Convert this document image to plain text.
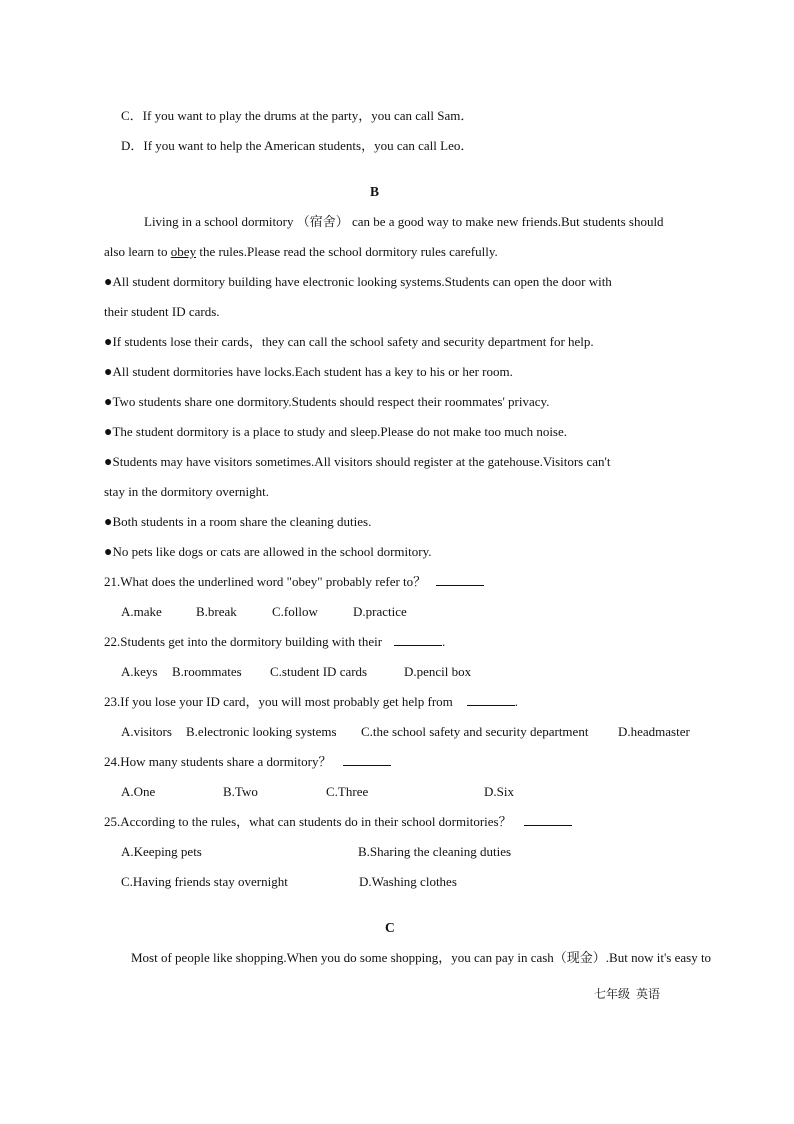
C．If you want to play the drums at the party，you can call Sam．
D．If you want to help the American students，you can call Leo．
B
Living in a school dormitory （宿舍） can be a good way to make new friends.But students should
also learn to obey the rules.Please read the school dormitory rules carefully.
●All student dormitory building have electronic looking systems.Students can open the door with
their student ID cards.
●If students lose their cards，they can call the school safety and security department for help.
●All student dormitories have locks.Each student has a key to his or her room.
●Two students share one dormitory.Students should respect their roommates' privacy.
●The student dormitory is a place to study and sleep.Please do not make too much noise.
●Students may have visitors sometimes.All visitors should register at the gatehouse.Visitors can't
stay in the dormitory overnight.
●Both students in a room share the cleaning duties.
●No pets like dogs or cats are allowed in the school dormitory.
21.What does the underlined word "obey" probably refer to？
A.make	B.break	C.follow	D.practice
22.Students get into the dormitory building with their	.
A.keys B.roommates C.student ID cards	D.pencil box
23.If you lose your ID card，you will most probably get help from	.
A.visitors B.electronic looking systems C.the school safety and security department D.headmaster
24.How many students share a dormitory？
A.One	B.Two	C.Three	D.Six
25.According to the rules，what can students do in their school dormitories？
A.Keeping pets	B.Sharing the cleaning duties
C.Having friends stay overnight	D.Washing clothes
C
Most of people like shopping.When you do some shopping，you can pay in cash（现金）.But now it's easy to
七年级 英语
